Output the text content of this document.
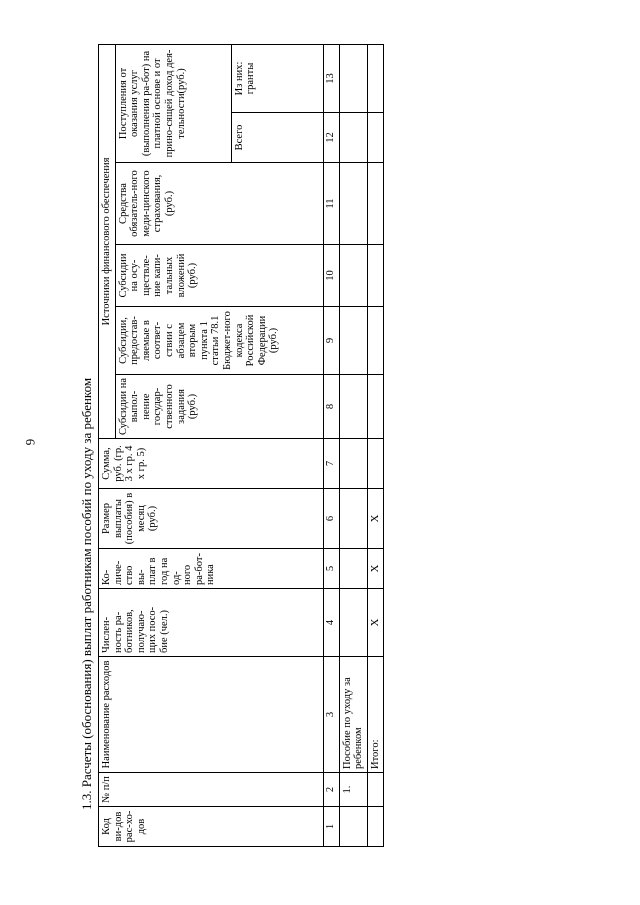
6	1.3. Расчеты (обоснования) выплат работникам пособий по уходу за ребенком
Код ви-дов рас-хо-дов	№ п/п	Наименование расходов	Числен-ность ра-ботников, получаю-щих посо-бие (чел.)	Ко-личе-ство вы-плат в год на од-ного ра-бот-ника	Размер выплаты (пособия) в месяц (руб.)	Сумма, руб. (гр. 3 х гр. 4 х гр. 5)	Источники финансового обеспечения					
							Субсидии на выпол-нение государ-ственного задания (руб.)	Субсидии, предостав-ляемые в соответ-ствии с абзацем вторым пункта 1 статьи 78.1 Бюджет-ного кодекса Российской Федерации (руб.)	Субсидии на осу-ществле-ние капи-тальных вложений (руб.)	Средства обязатель-ного меди-цинского страхования, (руб.)	Поступления от оказания услуг (выполнения ра-бот) на платной основе и от прино-сящей доход дея-тельности(руб.)	
											Всего	Из них: гранты
1	2	3	4	5	6	7	8	9	10	11	12	13
	1.	Пособие по уходу за ребенком										
		Итого:	Х	Х	Х							
